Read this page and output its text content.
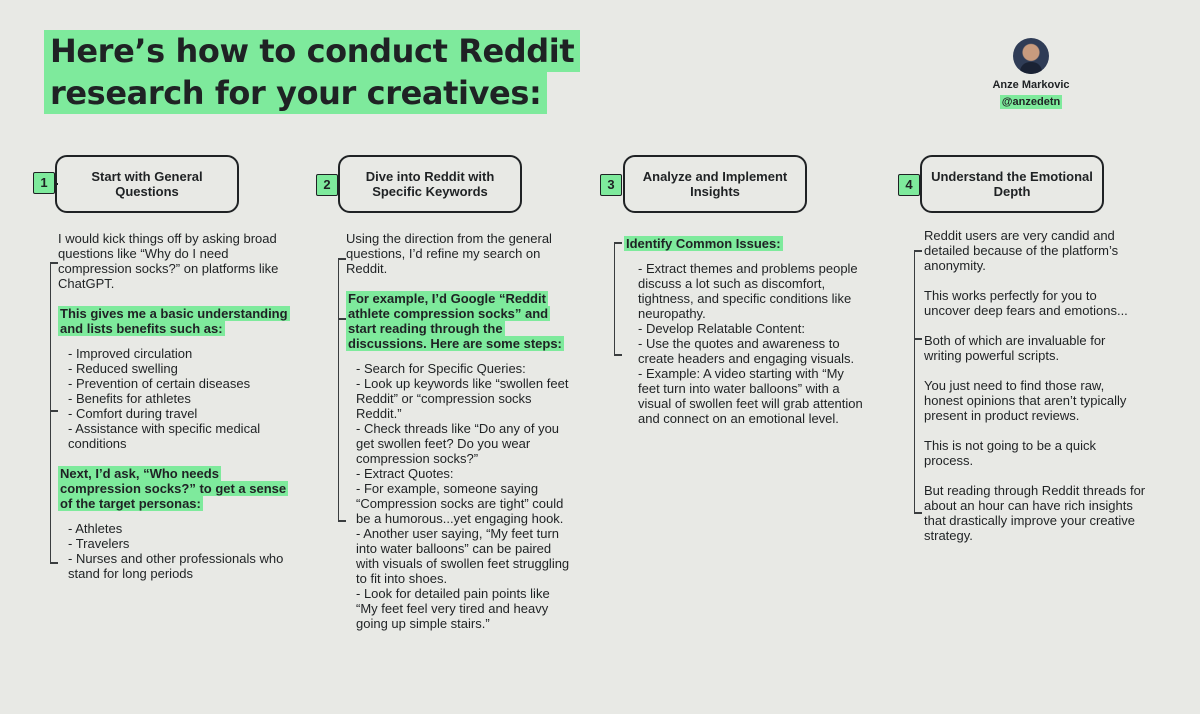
Here’s how to conduct Reddit
research for your creatives:	Anze Markovic
@anzedetn
1	Start with General Questions	2
Dive into Reddit with Specific Keywords	3
Analyze and Implement Insights	4
Understand the Emotional Depth

I would kick things off by asking broad questions like “Why do I need compression socks?” on platforms like ChatGPT.

This gives me a basic understanding and lists benefits such as:

- Improved circulation

- Reduced swelling

- Prevention of certain diseases

- Benefits for athletes

- Comfort during travel

- Assistance with specific medical conditions

Next, I’d ask, “Who needs compression socks?” to get a sense of the target personas:

- Athletes

- Travelers

- Nurses and other professionals who stand for long periods

Using the direction from the general questions, I’d refine my search on Reddit.

For example, I’d Google “Reddit athlete compression socks” and start reading through the discussions. Here are some steps:

- Search for Specific Queries:

- Look up keywords like “swollen feet Reddit” or “compression socks Reddit.”

- Check threads like “Do any of you get swollen feet? Do you wear compression socks?”

- Extract Quotes:

- For example, someone saying “Compression socks are tight” could be a humorous...yet engaging hook.

- Another user saying, “My feet turn into water balloons” can be paired with visuals of swollen feet struggling to fit into shoes.

- Look for detailed pain points like “My feet feel very tired and heavy going up simple stairs.”

Identify Common Issues:

- Extract themes and problems people discuss a lot such as discomfort, tightness, and specific conditions like neuropathy.

- Develop Relatable Content:

- Use the quotes and awareness to create headers and engaging visuals.

- Example: A video starting with “My feet turn into water balloons” with a visual of swollen feet will grab attention and connect on an emotional level.

Reddit users are very candid and detailed because of the platform’s anonymity.

This works perfectly for you to uncover deep fears and emotions...

Both of which are invaluable for writing powerful scripts.

You just need to find those raw, honest opinions that aren’t typically present in product reviews.

This is not going to be a quick process.

But reading through Reddit threads for about an hour can have rich insights that drastically improve your creative strategy.
